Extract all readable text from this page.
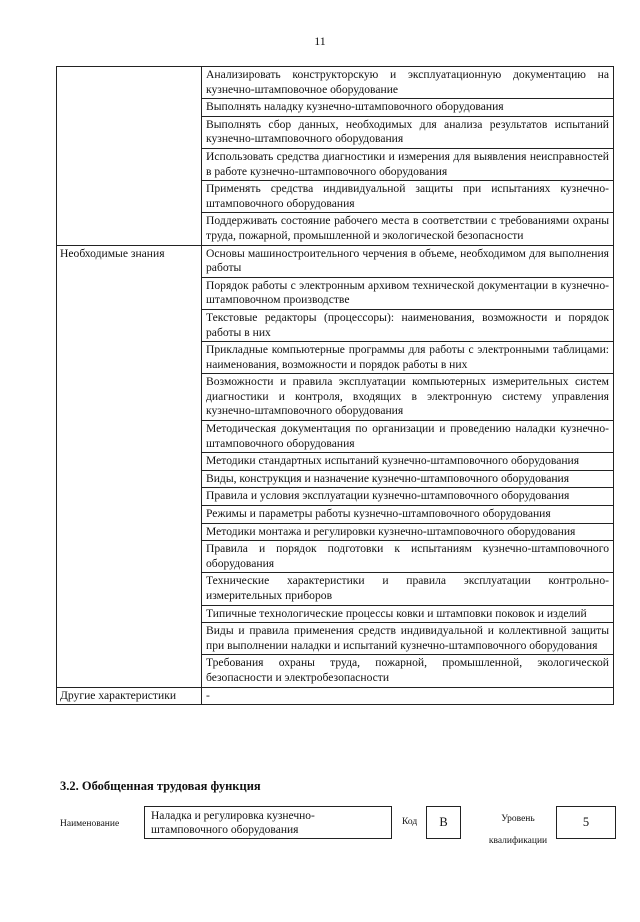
11
	Анализировать конструкторскую и эксплуатационную документацию на кузнечно-штамповочное оборудование
	Выполнять наладку кузнечно-штамповочного оборудования
	Выполнять сбор данных, необходимых для анализа результатов испытаний кузнечно-штамповочного оборудования
	Использовать средства диагностики и измерения для выявления неисправностей в работе кузнечно-штамповочного оборудования
	Применять средства индивидуальной защиты при испытаниях кузнечно-штамповочного оборудования
	Поддерживать состояние рабочего места в соответствии с требованиями охраны труда, пожарной, промышленной и экологической безопасности
Необходимые знания	Основы машиностроительного черчения в объеме, необходимом для выполнения работы
	Порядок работы с электронным архивом технической документации в кузнечно-штамповочном производстве
	Текстовые редакторы (процессоры): наименования, возможности и порядок работы в них
	Прикладные компьютерные программы для работы с электронными таблицами: наименования, возможности и порядок работы в них
	Возможности и правила эксплуатации компьютерных измерительных систем диагностики и контроля, входящих в электронную систему управления кузнечно-штамповочного оборудования
	Методическая документация по организации и проведению наладки кузнечно-штамповочного оборудования
	Методики стандартных испытаний кузнечно-штамповочного оборудования
	Виды, конструкция и назначение кузнечно-штамповочного оборудования
	Правила и условия эксплуатации кузнечно-штамповочного оборудования
	Режимы и параметры работы кузнечно-штамповочного оборудования
	Методики монтажа и регулировки кузнечно-штамповочного оборудования
	Правила и порядок подготовки к испытаниям кузнечно-штамповочного оборудования
	Технические характеристики и правила эксплуатации контрольно-измерительных приборов
	Типичные технологические процессы ковки и штамповки поковок и изделий
	Виды и правила применения средств индивидуальной и коллективной защиты при выполнении наладки и испытаний кузнечно-штамповочного оборудования
	Требования охраны труда, пожарной, промышленной, экологической безопасности и электробезопасности
Другие характеристики	-
3.2. Обобщенная трудовая функция
Наименование
Наладка и регулировка кузнечно-штамповочного оборудования
Код	В	Уровень
квалификации
5
